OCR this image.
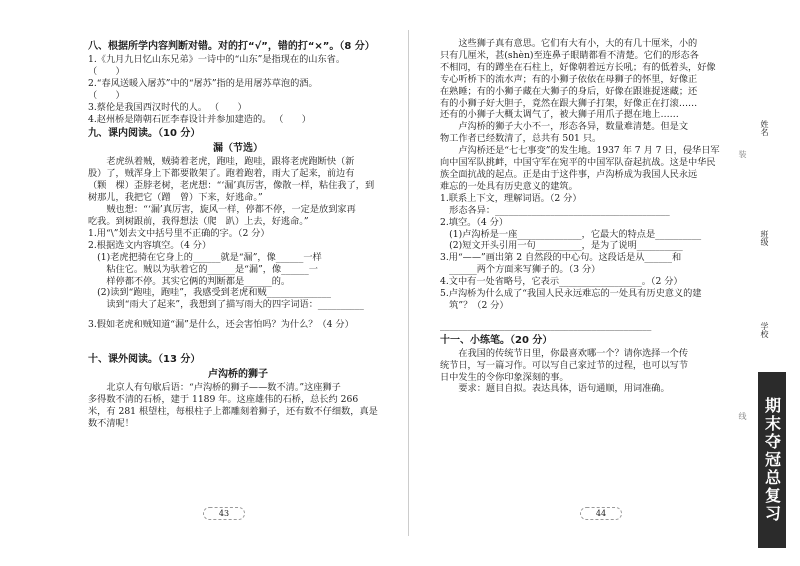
八、根据所学内容判断对错。对的打“√”，错的打“×”。（8 分）
1.《九月九日忆山东兄弟》一诗中的“山东”是指现在的山东省。
（　　）
2.“春风送暖入屠苏”中的“屠苏”指的是用屠苏草泡的酒。
（　　）
3.蔡伦是我国西汉时代的人。 （　　）
4.赵州桥是隋朝石匠李春设计并参加建造的。 （　　）
九、课内阅读。（10 分）
漏（节选）
　　老虎纵着贼，贼骑着老虎，跑哇，跑哇，跟将老虎跑断快（新
股）了，贼浑身上下都要散架了。跑着跑着，雨大了起来，前边有
（颗　棵）歪脖老树，老虎想：“‘漏’真厉害，像散一样，粘住我了，到
树那儿，我把它（蹭　曾）下来，好逃命。”
　　贼也想：“‘漏’真厉害，旋风一样，停都不停，一定是放到家再
吃我。到树跟前，我得想法（爬　趴）上去，好逃命。”
1.用“\”划去文中括号里不正确的字。（2 分）
2.根据选文内容填空。（4 分）
　(1)老虎把骑在它身上的______就是“漏”，像______一样
　　粘住它。贼以为驮着它的______是“漏”，像______一
　　样停都不停。其实它俩的判断都是______的。
　(2)读到“跑哇，跑哇”，我感受到老虎和贼______________
　　读到“雨大了起来”，我想到了描写雨大的四字词语：__________
3.假如老虎和贼知道“漏”是什么，还会害怕吗？为什么？（4 分）
十、课外阅读。（13 分）
卢沟桥的狮子
　　北京人有句歇后语：“卢沟桥的狮子——数不清。”这座狮子
多得数不清的石桥，建于 1189 年。这座雄伟的石桥，总长约 266
米，有 281 根望柱，每根柱子上都雕刻着狮子，还有数不仔细数，真是
数不清呢！
　　这些狮子真有意思。它们有大有小，大的有几十厘米，小的
只有几厘米，甚(shèn)至连鼻子眼睛都看不清楚。它们的形态各
不相同，有的蹲坐在石柱上，好像朝着远方长吼；有的低着头，好像
专心听桥下的流水声；有的小狮子依依在母狮子的怀里，好像正
在熟睡；有的小狮子藏在大狮子的身后，好像在跟谁捉迷藏；还
有的小狮子好大胆子，竟然在跟大狮子打架，好像正在打滚……
还有的小狮子大概太调气了，被大狮子用爪子摁在地上……
　　卢沟桥的狮子大小不一，形态各异，数量难清楚。但是文
物工作者已经数清了，总共有 501 只。
　　卢沟桥还是“七七事变”的发生地。1937 年 7 月 7 日，侵华日军
向中国军队挑衅，中国守军在宛平的中国军队奋起抗战。这是中华民
族全面抗战的起点。正是由于这件事，卢沟桥成为我国人民永远
难忘的一处具有历史意义的建筑。
1.联系上下文，理解词语。（2 分）
　形态各异：______________________________________
2.填空。（4 分）
　(1)卢沟桥是一座______________，它最大的特点是__________
　(2)短文开头引用一句__________，是为了说明__________
3.用“——”画出第 2 自然段的中心句。这段话是从______和
　______两个方面来写狮子的。（3 分）
4.文中有一处省略号，它表示__________________。（2 分）
5.卢沟桥为什么成了“我国人民永远难忘的一处具有历史意义的建
　筑”？（2 分）
______________________________________________
十一、小练笔。（20 分）
　　在我国的传统节日里，你最喜欢哪一个？请你选择一个传
统节日，写一篇习作。可以写自己家过节的过程，也可以写节
日中发生的令你印象深刻的事。
　　要求：题目自拟。表达具体，语句通顺，用词准确。
43	44
姓名
班级
学校
装
线 期末夺冠总复习
